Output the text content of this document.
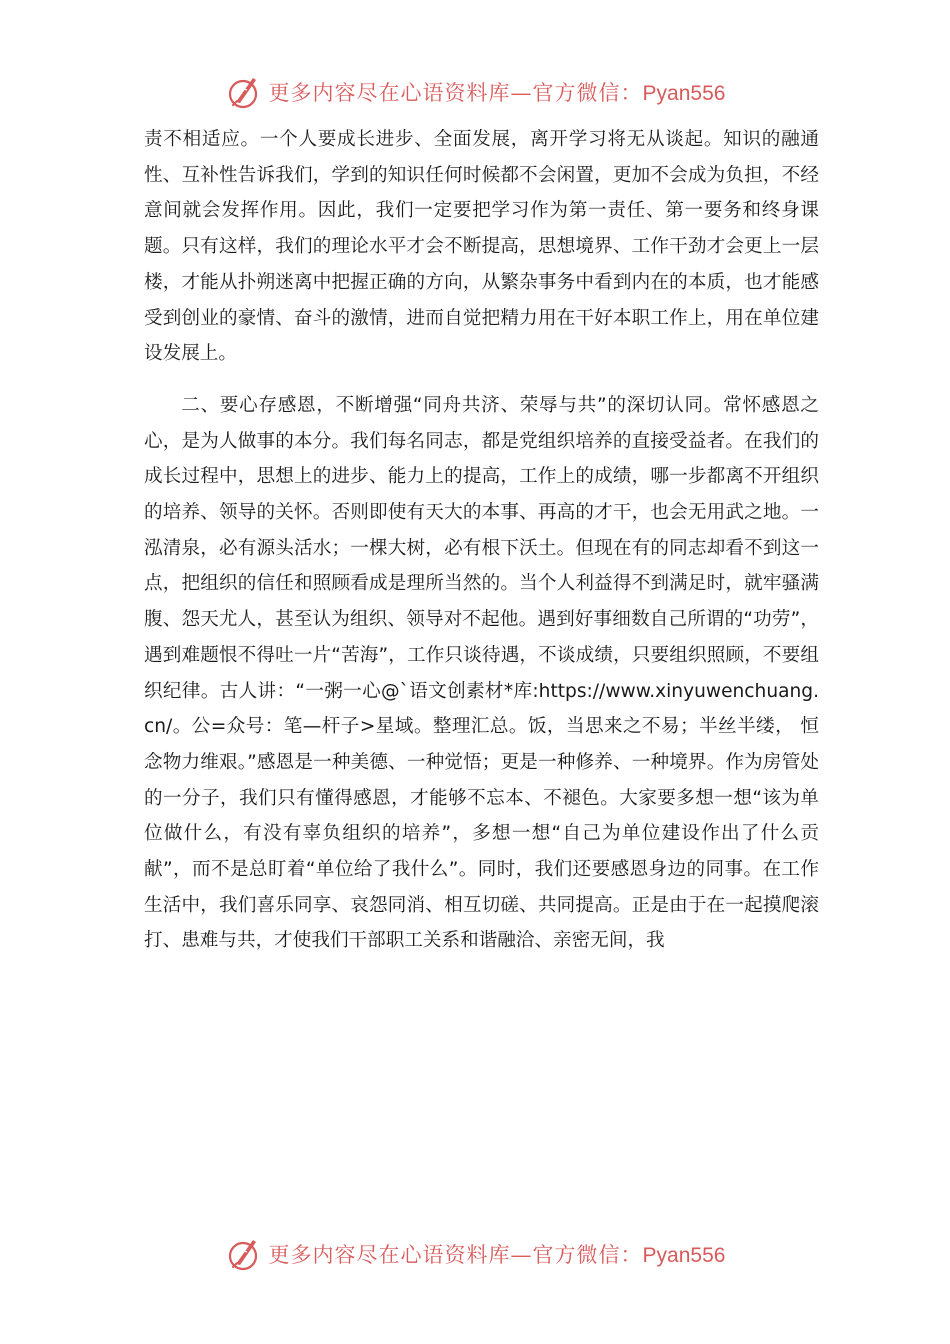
更多内容尽在心语资料库—官方微信：Pyan556

责不相适应。一个人要成长进步、全面发展，离开学习将无从谈起。知识的融通性、互补性告诉我们，学到的知识任何时候都不会闲置，更加不会成为负担，不经意间就会发挥作用。因此，我们一定要把学习作为第一责任、第一要务和终身课题。只有这样，我们的理论水平才会不断提高，思想境界、工作干劲才会更上一层楼，才能从扑朔迷离中把握正确的方向，从繁杂事务中看到内在的本质，也才能感受到创业的豪情、奋斗的激情，进而自觉把精力用在干好本职工作上，用在单位建设发展上。

二、要心存感恩，不断增强“同舟共济、荣辱与共”的深切认同。常怀感恩之心，是为人做事的本分。我们每名同志，都是党组织培养的直接受益者。在我们的成长过程中，思想上的进步、能力上的提高，工作上的成绩，哪一步都离不开组织的培养、领导的关怀。否则即使有天大的本事、再高的才干，也会无用武之地。一泓清泉，必有源头活水；一棵大树，必有根下沃土。但现在有的同志却看不到这一点，把组织的信任和照顾看成是理所当然的。当个人利益得不到满足时，就牢骚满腹、怨天尤人，甚至认为组织、领导对不起他。遇到好事细数自己所谓的“功劳”，遇到难题恨不得吐一片“苦海”，工作只谈待遇，不谈成绩，只要组织照顾，不要组织纪律。古人讲：“一粥一心@`语文创素材*库:https://www.xinyuwenchuang.cn/。公=众号：笔—杆子>星域。整理汇总。饭，当思来之不易；半丝半缕， 恒念物力维艰。”感恩是一种美德、一种觉悟；更是一种修养、一种境界。作为房管处的一分子，我们只有懂得感恩，才能够不忘本、不褪色。大家要多想一想“该为单位做什么，有没有辜负组织的培养”，多想一想“自己为单位建设作出了什么贡献”，而不是总盯着“单位给了我什么”。同时，我们还要感恩身边的同事。在工作生活中，我们喜乐同享、哀怨同消、相互切磋、共同提高。正是由于在一起摸爬滚打、患难与共，才使我们干部职工关系和谐融洽、亲密无间，我

更多内容尽在心语资料库—官方微信：Pyan556
